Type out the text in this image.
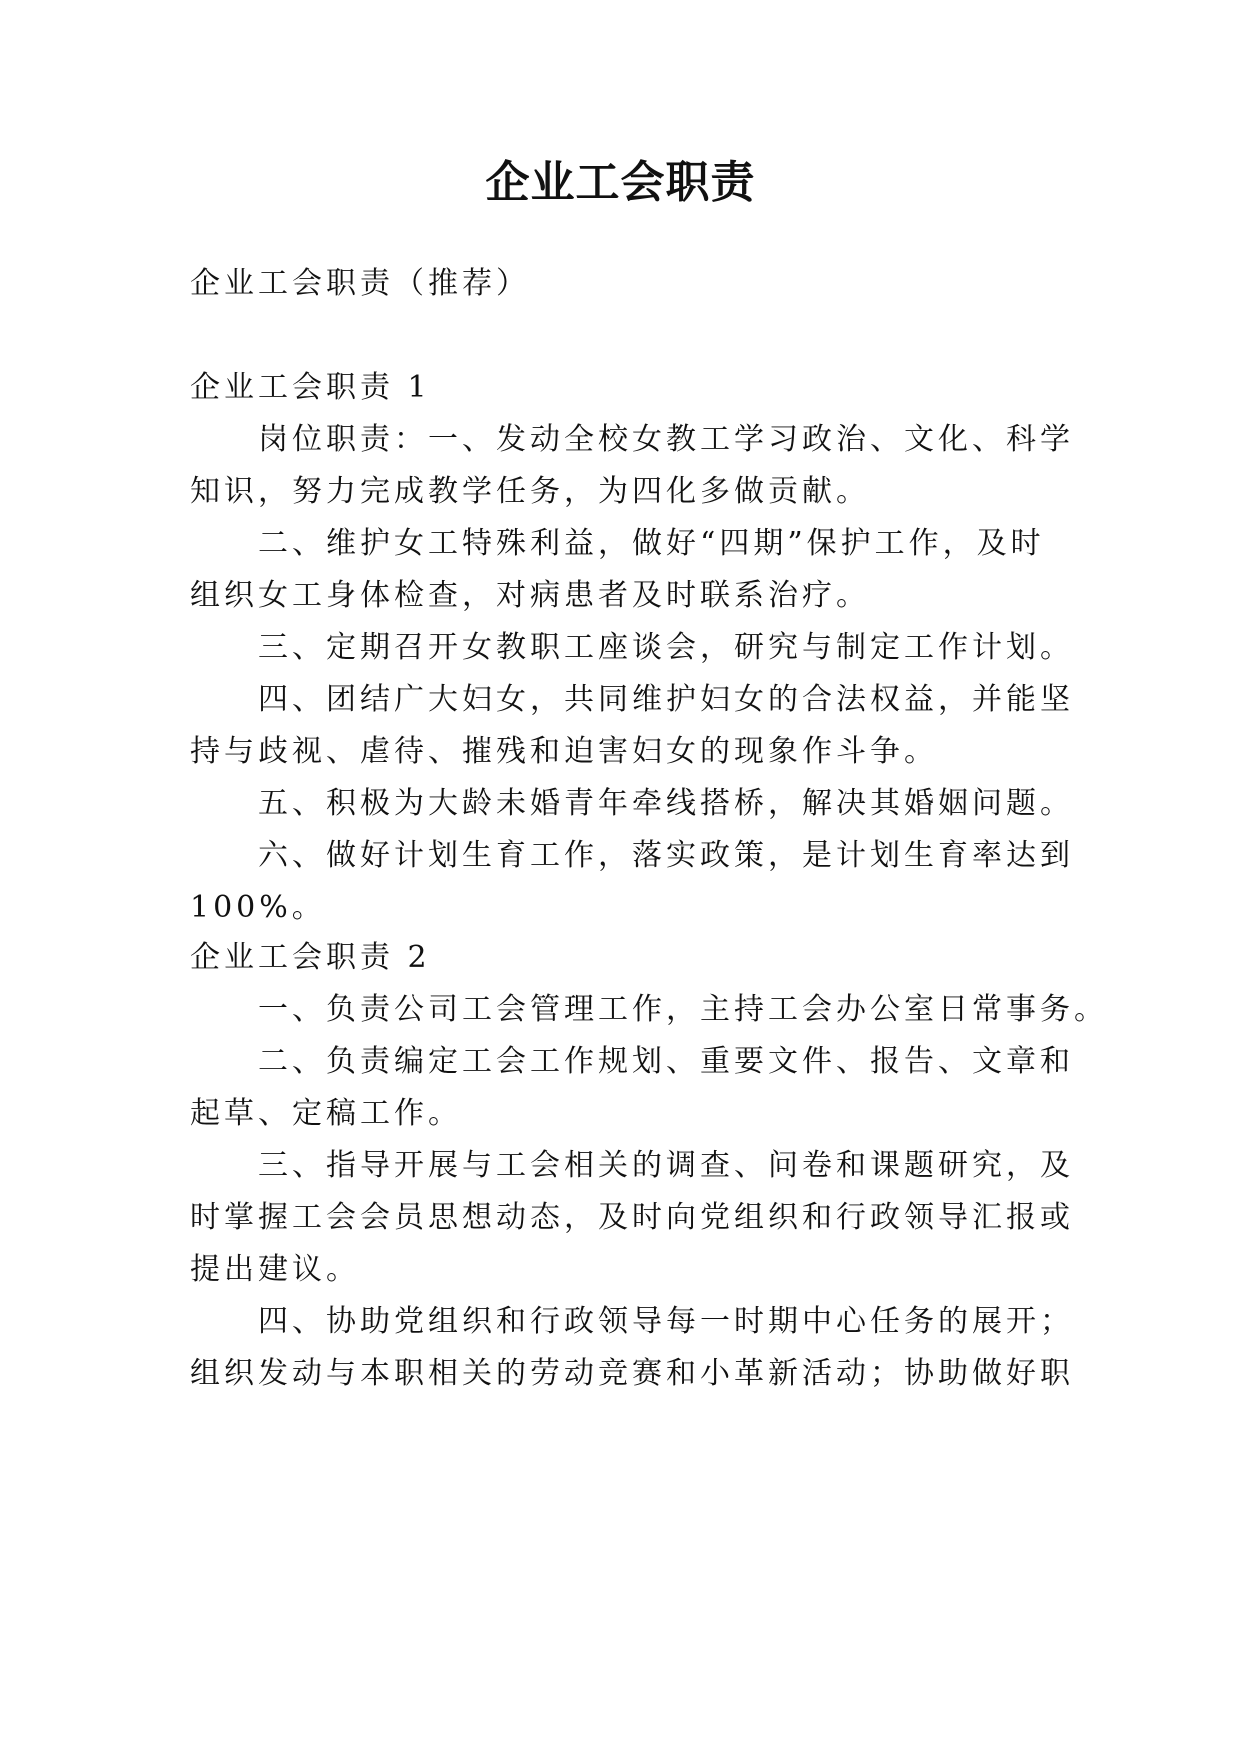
企业工会职责
企业工会职责（推荐）
企业工会职责 1
岗位职责：一、发动全校女教工学习政治、文化、科学
知识，努力完成教学任务，为四化多做贡献。
二、维护女工特殊利益，做好“四期”保护工作，及时
组织女工身体检查，对病患者及时联系治疗。
三、定期召开女教职工座谈会，研究与制定工作计划。
四、团结广大妇女，共同维护妇女的合法权益，并能坚
持与歧视、虐待、摧残和迫害妇女的现象作斗争。
五、积极为大龄未婚青年牵线搭桥，解决其婚姻问题。
六、做好计划生育工作，落实政策，是计划生育率达到
100%。
企业工会职责 2
一、负责公司工会管理工作，主持工会办公室日常事务。
二、负责编定工会工作规划、重要文件、报告、文章和
起草、定稿工作。
三、指导开展与工会相关的调查、问卷和课题研究，及
时掌握工会会员思想动态，及时向党组织和行政领导汇报或
提出建议。
四、协助党组织和行政领导每一时期中心任务的展开；
组织发动与本职相关的劳动竞赛和小革新活动；协助做好职
